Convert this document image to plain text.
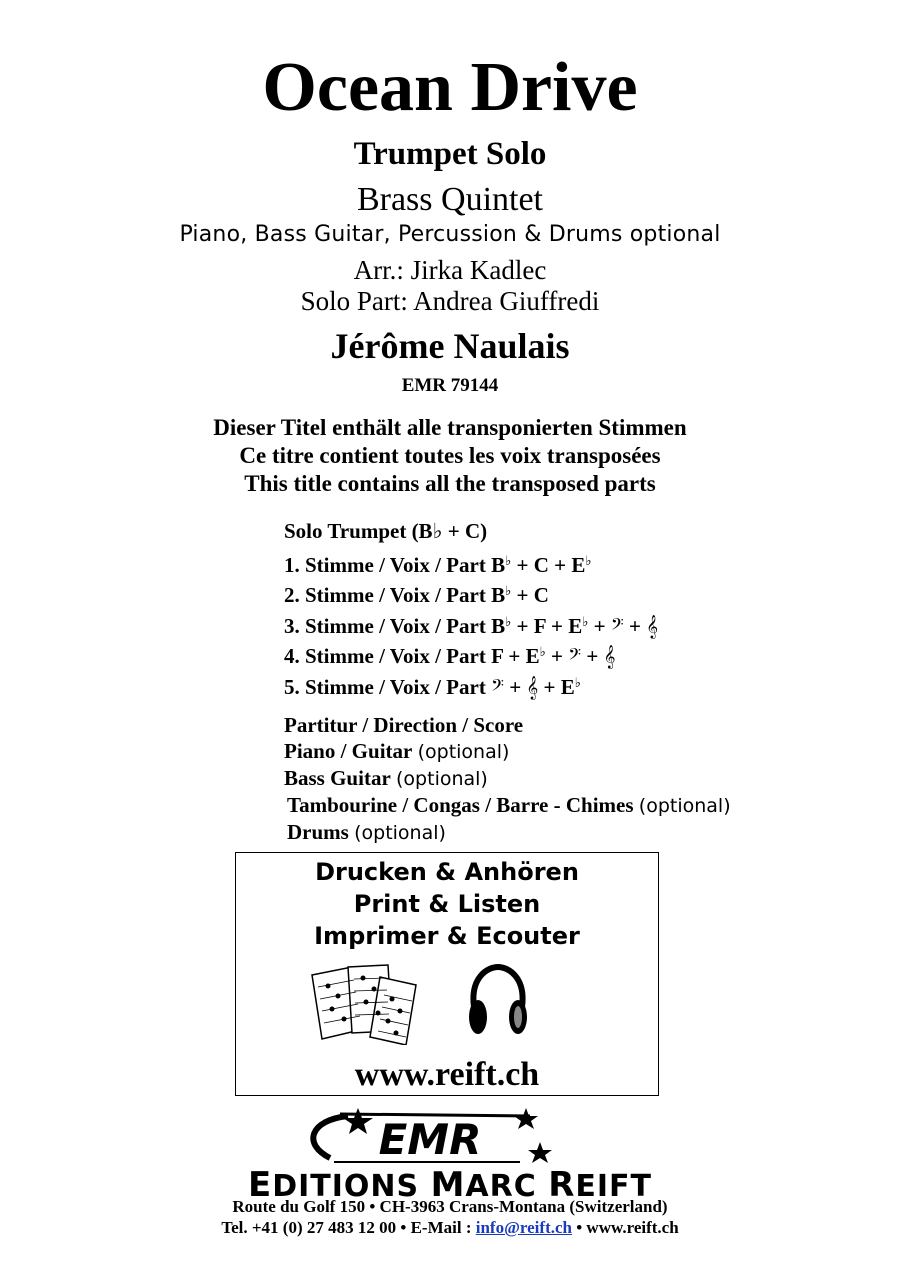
Ocean Drive
Trumpet Solo
Brass Quintet
Piano, Bass Guitar, Percussion & Drums optional
Arr.: Jirka Kadlec
Solo Part: Andrea Giuffredi
Jérôme Naulais
EMR 79144
Dieser Titel enthält alle transponierten Stimmen
Ce titre contient toutes les voix transposées
This title contains all the transposed parts
Solo Trumpet (B♭ + C)
1. Stimme / Voix / Part B♭ + C + E♭
2. Stimme / Voix / Part B♭ + C
3. Stimme / Voix / Part B♭ + F + E♭ + 𝄢 + 𝄞
4. Stimme / Voix / Part F + E♭ + 𝄢 + 𝄞
5. Stimme / Voix / Part 𝄢 + 𝄞 + E♭
Partitur / Direction / Score
Piano / Guitar (optional)
Bass Guitar (optional)
Tambourine / Congas / Barre - Chimes (optional)
Drums (optional)
Drucken & Anhören
Print & Listen
Imprimer & Ecouter
www.reift.ch
EMR
EDITIONS MARC REIFT
Route du Golf 150 • CH-3963 Crans-Montana (Switzerland)
Tel. +41 (0) 27 483 12 00 • E-Mail : info@reift.ch • www.reift.ch
